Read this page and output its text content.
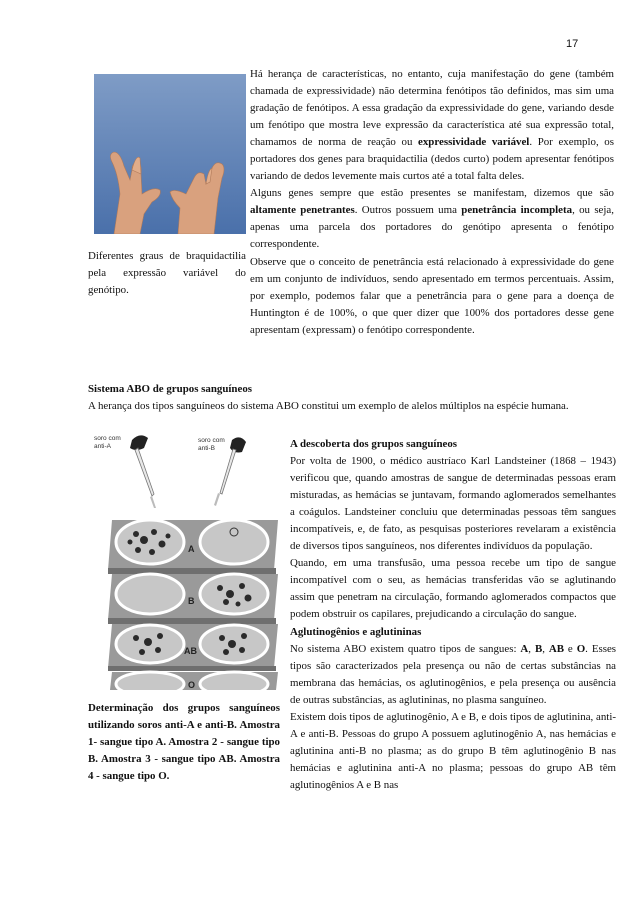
17

Há herança de características, no entanto, cuja manifestação do gene (também chamada de expressividade) não determina fenótipos tão definidos, mas sim uma gradação de fenótipos. A essa gradação da expressividade do gene, variando desde um fenótipo que mostra leve expressão da característica até sua expressão total, chamamos de norma de reação ou expressividade variável. Por exemplo, os portadores dos genes para braquidactilia (dedos curto) podem apresentar fenótipos variando de dedos levemente mais curtos até a total falta deles.

Alguns genes sempre que estão presentes se manifestam, dizemos que são altamente penetrantes. Outros possuem uma penetrância incompleta, ou seja, apenas uma parcela dos portadores do genótipo apresenta o fenótipo correspondente.

Observe que o conceito de penetrância está relacionado à expressividade do gene em um conjunto de indivíduos, sendo apresentado em termos percentuais. Assim, por exemplo, podemos falar que a penetrância para o gene para a doença de Huntington é de 100%, o que quer dizer que 100% dos portadores desse gene apresentam (expressam) o fenótipo correspondente.

Diferentes graus de braquidactilia pela expressão variável do genótipo.
Sistema ABO de grupos sanguíneos
A herança dos tipos sanguíneos do sistema ABO constitui um exemplo de alelos múltiplos na espécie humana.
soro com
anti-A
soro com
anti-B
A
B
AB
O
Determinação dos grupos sanguíneos utilizando soros anti-A e anti-B. Amostra 1- sangue tipo A. Amostra 2 - sangue tipo B. Amostra 3 - sangue tipo AB. Amostra 4 - sangue tipo O.

A descoberta dos grupos sanguíneos

Por volta de 1900, o médico austríaco Karl Landsteiner (1868 – 1943) verificou que, quando amostras de sangue de determinadas pessoas eram misturadas, as hemácias se juntavam, formando aglomerados semelhantes a coágulos. Landsteiner concluiu que determinadas pessoas têm sangues incompatíveis, e, de fato, as pesquisas posteriores revelaram a existência de diversos tipos sanguíneos, nos diferentes indivíduos da população.

Quando, em uma transfusão, uma pessoa recebe um tipo de sangue incompatível com o seu, as hemácias transferidas vão se aglutinando assim que penetram na circulação, formando aglomerados compactos que podem obstruir os capilares, prejudicando a circulação do sangue.

Aglutinogênios e aglutininas

No sistema ABO existem quatro tipos de sangues: A, B, AB e O. Esses tipos são caracterizados pela presença ou não de certas substâncias na membrana das hemácias, os aglutinogênios, e pela presença ou ausência de outras substâncias, as aglutininas, no plasma sanguíneo.

Existem dois tipos de aglutinogênio, A e B, e dois tipos de aglutinina, anti-A e anti-B. Pessoas do grupo A possuem aglutinogênio A, nas hemácias e aglutinina anti-B no plasma; as do grupo B têm aglutinogênio B nas hemácias e aglutinina anti-A no plasma; pessoas do grupo AB têm aglutinogênios A e B nas
